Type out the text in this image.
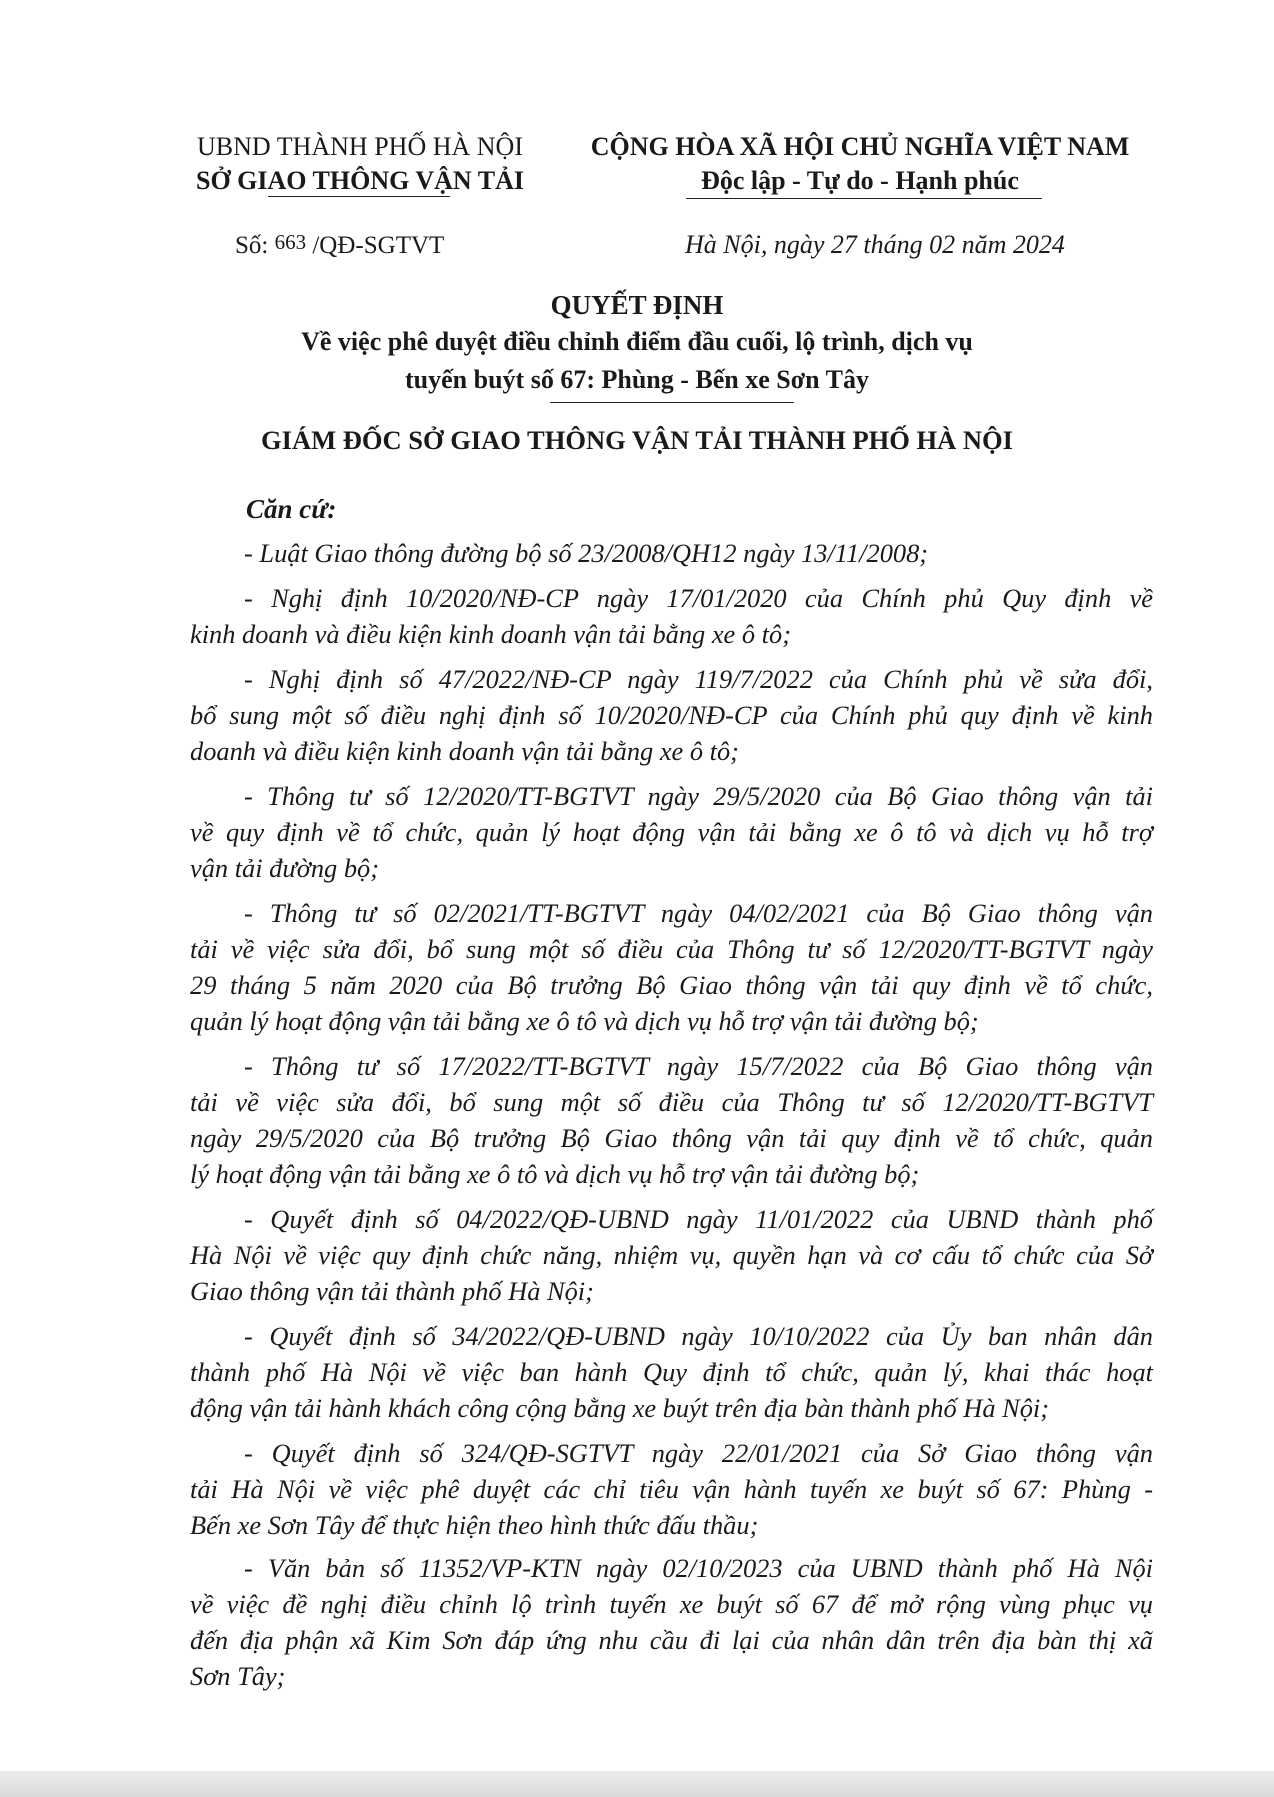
UBND THÀNH PHỐ HÀ NỘI
SỞ GIAO THÔNG VẬN TẢI
CỘNG HÒA XÃ HỘI CHỦ NGHĨA VIỆT NAM
Độc lập - Tự do - Hạnh phúc
Số: 663 /QĐ-SGTVT	Hà Nội, ngày 27 tháng 02 năm 2024
QUYẾT ĐỊNH
Về việc phê duyệt điều chỉnh điểm đầu cuối, lộ trình, dịch vụ
tuyến buýt số 67: Phùng - Bến xe Sơn Tây
GIÁM ĐỐC SỞ GIAO THÔNG VẬN TẢI THÀNH PHỐ HÀ NỘI
Căn cứ:
- Luật Giao thông đường bộ số 23/2008/QH12 ngày 13/11/2008;
- Nghị định 10/2020/NĐ-CP ngày 17/01/2020 của Chính phủ Quy định về
kinh doanh và điều kiện kinh doanh vận tải bằng xe ô tô;
- Nghị định số 47/2022/NĐ-CP ngày 119/7/2022 của Chính phủ về sửa đổi,
bổ sung một số điều nghị định số 10/2020/NĐ-CP của Chính phủ quy định về kinh
doanh và điều kiện kinh doanh vận tải bằng xe ô tô;
- Thông tư số 12/2020/TT-BGTVT ngày 29/5/2020 của Bộ Giao thông vận tải
về quy định về tổ chức, quản lý hoạt động vận tải bằng xe ô tô và dịch vụ hỗ trợ
vận tải đường bộ;
- Thông tư số 02/2021/TT-BGTVT ngày 04/02/2021 của Bộ Giao thông vận
tải về việc sửa đổi, bổ sung một số điều của Thông tư số 12/2020/TT-BGTVT ngày
29 tháng 5 năm 2020 của Bộ trưởng Bộ Giao thông vận tải quy định về tổ chức,
quản lý hoạt động vận tải bằng xe ô tô và dịch vụ hỗ trợ vận tải đường bộ;
- Thông tư số 17/2022/TT-BGTVT ngày 15/7/2022 của Bộ Giao thông vận
tải về việc sửa đổi, bổ sung một số điều của Thông tư số 12/2020/TT-BGTVT
ngày 29/5/2020 của Bộ trưởng Bộ Giao thông vận tải quy định về tổ chức, quản
lý hoạt động vận tải bằng xe ô tô và dịch vụ hỗ trợ vận tải đường bộ;
- Quyết định số 04/2022/QĐ-UBND ngày 11/01/2022 của UBND thành phố
Hà Nội về việc quy định chức năng, nhiệm vụ, quyền hạn và cơ cấu tổ chức của Sở
Giao thông vận tải thành phố Hà Nội;
- Quyết định số 34/2022/QĐ-UBND ngày 10/10/2022 của Ủy ban nhân dân
thành phố Hà Nội về việc ban hành Quy định tổ chức, quản lý, khai thác hoạt
động vận tải hành khách công cộng bằng xe buýt trên địa bàn thành phố Hà Nội;
- Quyết định số 324/QĐ-SGTVT ngày 22/01/2021 của Sở Giao thông vận
tải Hà Nội về việc phê duyệt các chỉ tiêu vận hành tuyến xe buýt số 67: Phùng -
Bến xe Sơn Tây để thực hiện theo hình thức đấu thầu;
- Văn bản số 11352/VP-KTN ngày 02/10/2023 của UBND thành phố Hà Nội
về việc đề nghị điều chỉnh lộ trình tuyến xe buýt số 67 để mở rộng vùng phục vụ
đến địa phận xã Kim Sơn đáp ứng nhu cầu đi lại của nhân dân trên địa bàn thị xã
Sơn Tây;
